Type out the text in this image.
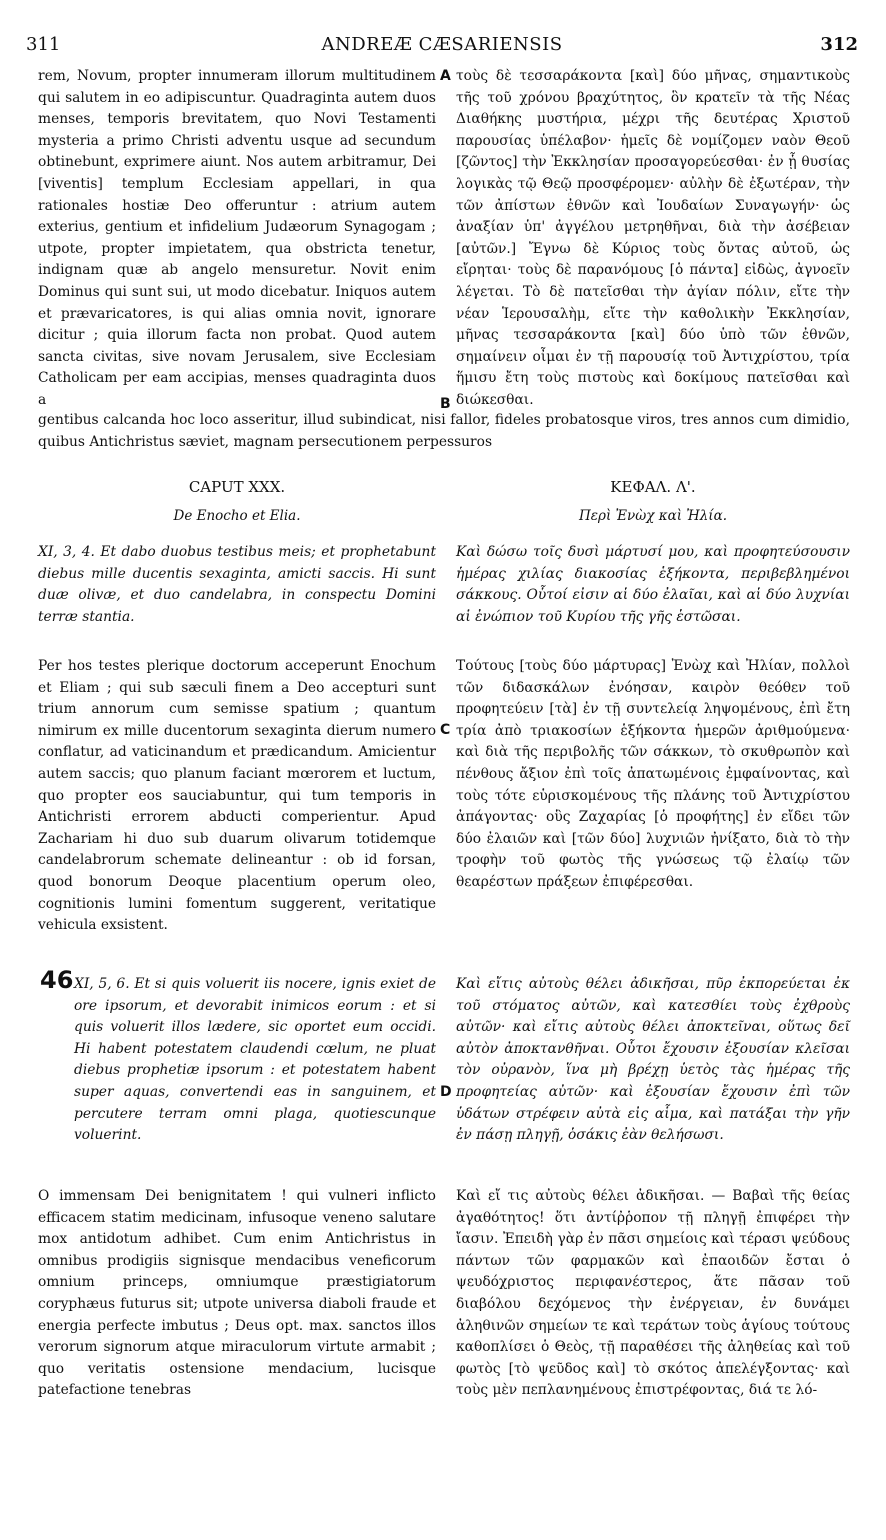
311	ANDREÆ CÆSARIENSIS	312

rem, Novum, propter innumeram illorum multitudinem qui salutem in eo adipiscuntur. Quadraginta autem duos menses, temporis brevitatem, quo Novi Testamenti mysteria a primo Christi adventu usque ad secundum obtinebunt, exprimere aiunt. Nos autem arbitramur, Dei [viventis] templum Ecclesiam appellari, in qua rationales hostiæ Deo offeruntur : atrium autem exterius, gentium et infidelium Judæorum Synagogam ; utpote, propter impietatem, qua obstricta tenetur, indignam quæ ab angelo mensuretur. Novit enim Dominus qui sunt sui, ut modo dicebatur. Iniquos autem et prævaricatores, is qui alias omnia novit, ignorare dicitur ; quia illorum facta non probat. Quod autem sancta civitas, sive novam Jerusalem, sive Ecclesiam Catholicam per eam accipias, menses quadraginta duos a

τοὺς δὲ τεσσαράκοντα [καὶ] δύο μῆνας, σημαντικοὺς τῆς τοῦ χρόνου βραχύτητος, ὃν κρατεῖν τὰ τῆς Νέας Διαθήκης μυστήρια, μέχρι τῆς δευτέρας Χριστοῦ παρουσίας ὑπέλαβον· ἡμεῖς δὲ νομίζομεν ναὸν Θεοῦ [ζῶντος] τὴν Ἐκκλησίαν προσαγορεύεσθαι· ἐν ᾗ θυσίας λογικὰς τῷ Θεῷ προσφέρομεν· αὐλὴν δὲ ἐξωτέραν, τὴν τῶν ἀπίστων ἐθνῶν καὶ Ἰουδαίων Συναγωγήν· ὡς ἀναξίαν ὑπ' ἀγγέλου μετρηθῆναι, διὰ τὴν ἀσέβειαν [αὐτῶν.] Ἔγνω δὲ Κύριος τοὺς ὄντας αὐτοῦ, ὡς εἴρηται· τοὺς δὲ παρανόμους [ὁ πάντα] εἰδὼς, ἀγνοεῖν λέγεται. Τὸ δὲ πατεῖσθαι τὴν ἁγίαν πόλιν, εἴτε τὴν νέαν Ἱερουσαλὴμ, εἴτε τὴν καθολικὴν Ἐκκλησίαν, μῆνας τεσσαράκοντα [καὶ] δύο ὑπὸ τῶν ἐθνῶν, σημαίνειν οἶμαι ἐν τῇ παρουσίᾳ τοῦ Ἀντιχρίστου, τρία ἥμισυ ἔτη τοὺς πιστοὺς καὶ δοκίμους πατεῖσθαι καὶ διώκεσθαι.

A
B
gentibus calcanda hoc loco asseritur, illud subindicat, nisi fallor, fideles probatosque viros, tres annos cum dimidio, quibus Antichristus sæviet, magnam persecutionem perpessuros
CAPUT XXX.
De Enocho et Elia.
ΚΕΦΑΛ. Λ'.
Περὶ Ἐνὼχ καὶ Ἠλία.
XI, 3, 4. Et dabo duobus testibus meis; et prophetabunt diebus mille ducentis sexaginta, amicti saccis. Hi sunt duæ olivæ, et duo candelabra, in conspectu Domini terræ stantia.
Καὶ δώσω τοῖς δυσὶ μάρτυσί μου, καὶ προφητεύσουσιν ἡμέρας χιλίας διακοσίας ἑξήκοντα, περιβεβλημένοι σάκκους. Οὗτοί εἰσιν αἱ δύο ἐλαῖαι, καὶ αἱ δύο λυχνίαι αἱ ἐνώπιον τοῦ Κυρίου τῆς γῆς ἑστῶσαι.
Per hos testes plerique doctorum acceperunt Enochum et Eliam ; qui sub sæculi finem a Deo accepturi sunt trium annorum cum semisse spatium ; quantum nimirum ex mille ducentorum sexaginta dierum numero conflatur, ad vaticinandum et prædicandum. Amicientur autem saccis; quo planum faciant mœrorem et luctum, quo propter eos sauciabuntur, qui tum temporis in Antichristi errorem abducti comperientur. Apud Zachariam hi duo sub duarum olivarum totidemque candelabrorum schemate delineantur : ob id forsan, quod bonorum Deoque placentium operum oleo, cognitionis lumini fomentum suggerent, veritatique vehicula exsistent.
Τούτους [τοὺς δύο μάρτυρας] Ἐνὼχ καὶ Ἠλίαν, πολλοὶ τῶν διδασκάλων ἐνόησαν, καιρὸν θεόθεν τοῦ προφητεύειν [τὰ] ἐν τῇ συντελείᾳ ληψομένους, ἐπὶ ἔτη τρία ἀπὸ τριακοσίων ἑξήκοντα ἡμερῶν ἀριθμούμενα· καὶ διὰ τῆς περιβολῆς τῶν σάκκων, τὸ σκυθρωπὸν καὶ πένθους ἄξιον ἐπὶ τοῖς ἀπατωμένοις ἐμφαίνοντας, καὶ τοὺς τότε εὑρισκομένους τῆς πλάνης τοῦ Ἀντιχρίστου ἀπάγοντας· οὓς Ζαχαρίας [ὁ προφήτης] ἐν εἴδει τῶν δύο ἐλαιῶν καὶ [τῶν δύο] λυχνιῶν ἠνίξατο, διὰ τὸ τὴν τροφὴν τοῦ φωτὸς τῆς γνώσεως τῷ ἐλαίῳ τῶν θεαρέστων πράξεων ἐπιφέρεσθαι.
C
46 XI, 5, 6. Et si quis voluerit iis nocere, ignis exiet de ore ipsorum, et devorabit inimicos eorum : et si quis voluerit illos lædere, sic oportet eum occidi. Hi habent potestatem claudendi cœlum, ne pluat diebus prophetiæ ipsorum : et potestatem habent super aquas, convertendi eas in sanguinem, et percutere terram omni plaga, quotiescunque voluerint.
Καὶ εἴτις αὐτοὺς θέλει ἀδικῆσαι, πῦρ ἐκπορεύεται ἐκ τοῦ στόματος αὐτῶν, καὶ κατεσθίει τοὺς ἐχθροὺς αὐτῶν· καὶ εἴτις αὐτοὺς θέλει ἀποκτεῖναι, οὕτως δεῖ αὐτὸν ἀποκτανθῆναι. Οὗτοι ἔχουσιν ἐξουσίαν κλεῖσαι τὸν οὐρανὸν, ἵνα μὴ βρέχῃ ὑετὸς τὰς ἡμέρας τῆς προφητείας αὐτῶν· καὶ ἐξουσίαν ἔχουσιν ἐπὶ τῶν ὑδάτων στρέφειν αὐτὰ εἰς αἷμα, καὶ πατάξαι τὴν γῆν ἐν πάσῃ πληγῇ, ὁσάκις ἐὰν θελήσωσι.
D
O immensam Dei benignitatem ! qui vulneri inflicto efficacem statim medicinam, infusoque veneno salutare mox antidotum adhibet. Cum enim Antichristus in omnibus prodigiis signisque mendacibus veneficorum omnium princeps, omniumque præstigiatorum coryphæus futurus sit; utpote universa diaboli fraude et energia perfecte imbutus ; Deus opt. max. sanctos illos verorum signorum atque miraculorum virtute armabit ; quo veritatis ostensione mendacium, lucisque patefactione tenebras
Καὶ εἴ τις αὐτοὺς θέλει ἀδικῆσαι. — Βαβαὶ τῆς θείας ἀγαθότητος! ὅτι ἀντίῤῥοπον τῇ πληγῇ ἐπιφέρει τὴν ἴασιν. Ἐπειδὴ γὰρ ἐν πᾶσι σημείοις καὶ τέρασι ψεύδους πάντων τῶν φαρμακῶν καὶ ἐπαοιδῶν ἔσται ὁ ψευδόχριστος περιφανέστερος, ἅτε πᾶσαν τοῦ διαβόλου δεχόμενος τὴν ἐνέργειαν, ἐν δυνάμει ἀληθινῶν σημείων τε καὶ τεράτων τοὺς ἁγίους τούτους καθοπλίσει ὁ Θεὸς, τῇ παραθέσει τῆς ἀληθείας καὶ τοῦ φωτὸς [τὸ ψεῦδος καὶ] τὸ σκότος ἀπελέγξοντας· καὶ τοὺς μὲν πεπλανημένους ἐπιστρέφοντας, διά τε λό-
